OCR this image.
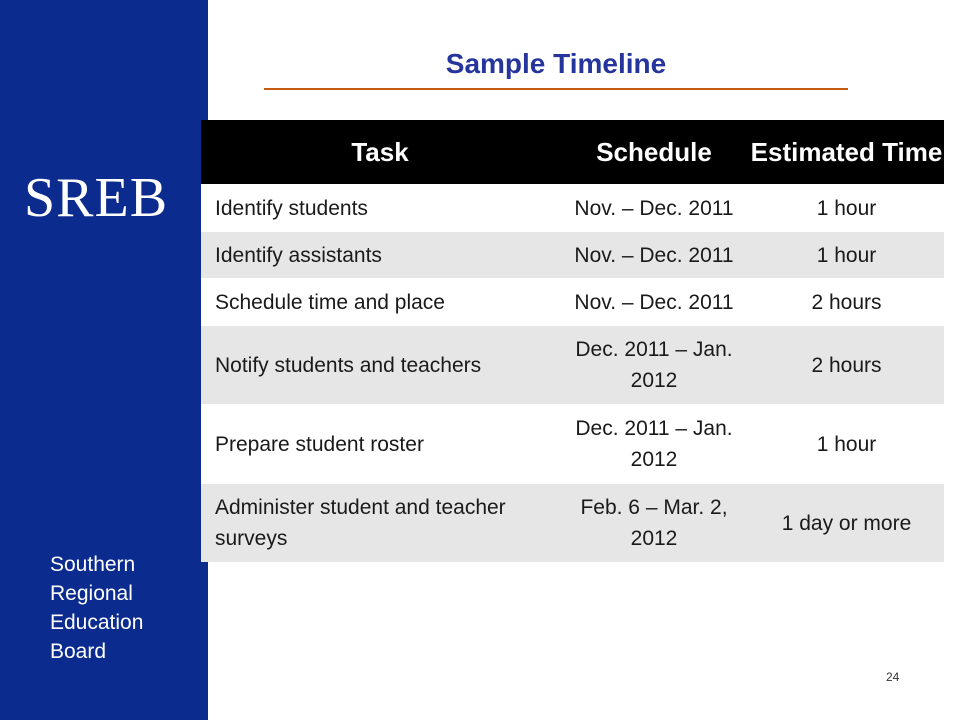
SREB
Southern
Regional
Education
Board
Sample Timeline
Task	Schedule	Estimated Time
Identify students	Nov. – Dec. 2011	1 hour
Identify assistants	Nov. – Dec. 2011	1 hour
Schedule time and place	Nov. – Dec. 2011	2 hours
Notify students and teachers	Dec. 2011 – Jan. 2012	2 hours
Prepare student roster	Dec. 2011 – Jan. 2012	1 hour
Administer student and teacher surveys	Feb. 6 – Mar. 2, 2012	1 day or more
24
